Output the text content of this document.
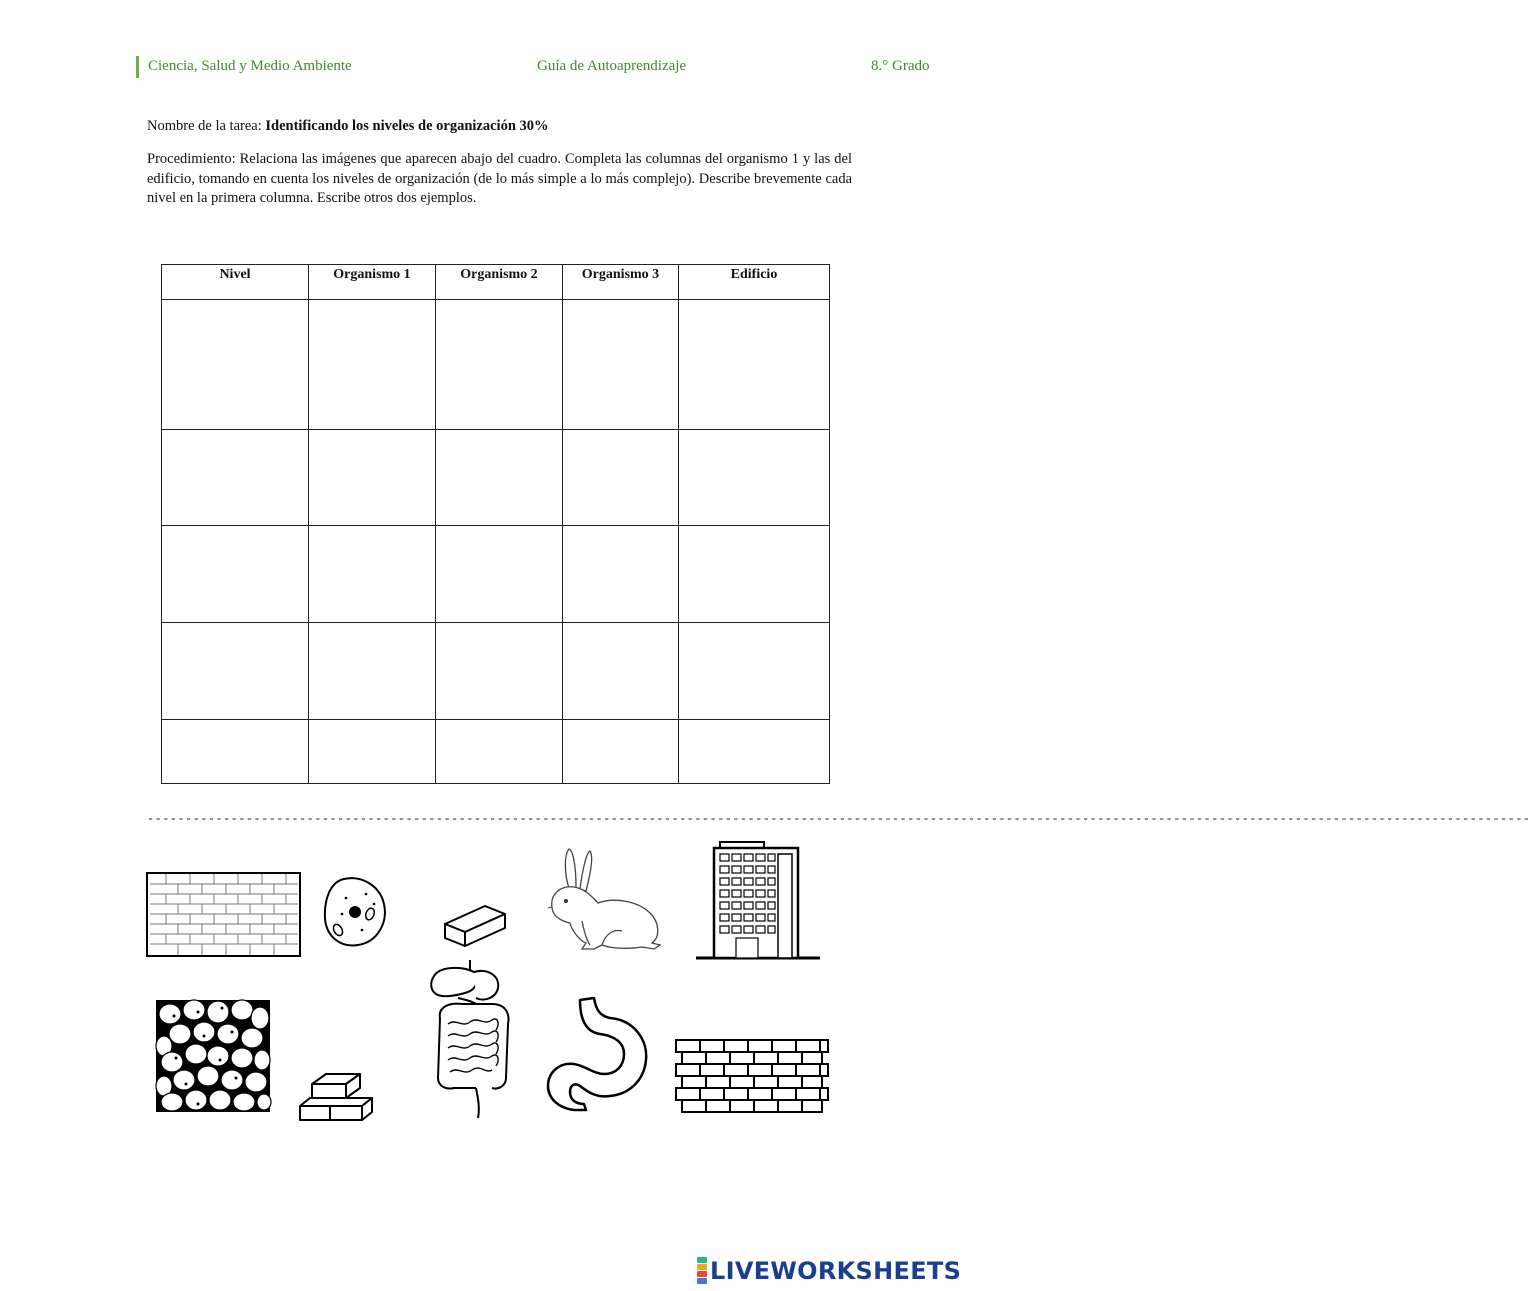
Ciencia, Salud y Medio Ambiente	Guía de Autoaprendizaje	8.° Grado
Nombre de la tarea: Identificando los niveles de organización 30%
Procedimiento: Relaciona las imágenes que aparecen abajo del cuadro. Completa las columnas del organismo 1 y las del edificio, tomando en cuenta los niveles de organización (de lo más simple a lo más complejo). Describe brevemente cada nivel en la primera columna. Escribe otros dos ejemplos.
Nivel	Organismo 1	Organismo 2	Organismo 3	Edificio

--------------------------------------------------------------------------------------------------------------------------------------------------------------------------------------
LIVEWORKSHEETS
